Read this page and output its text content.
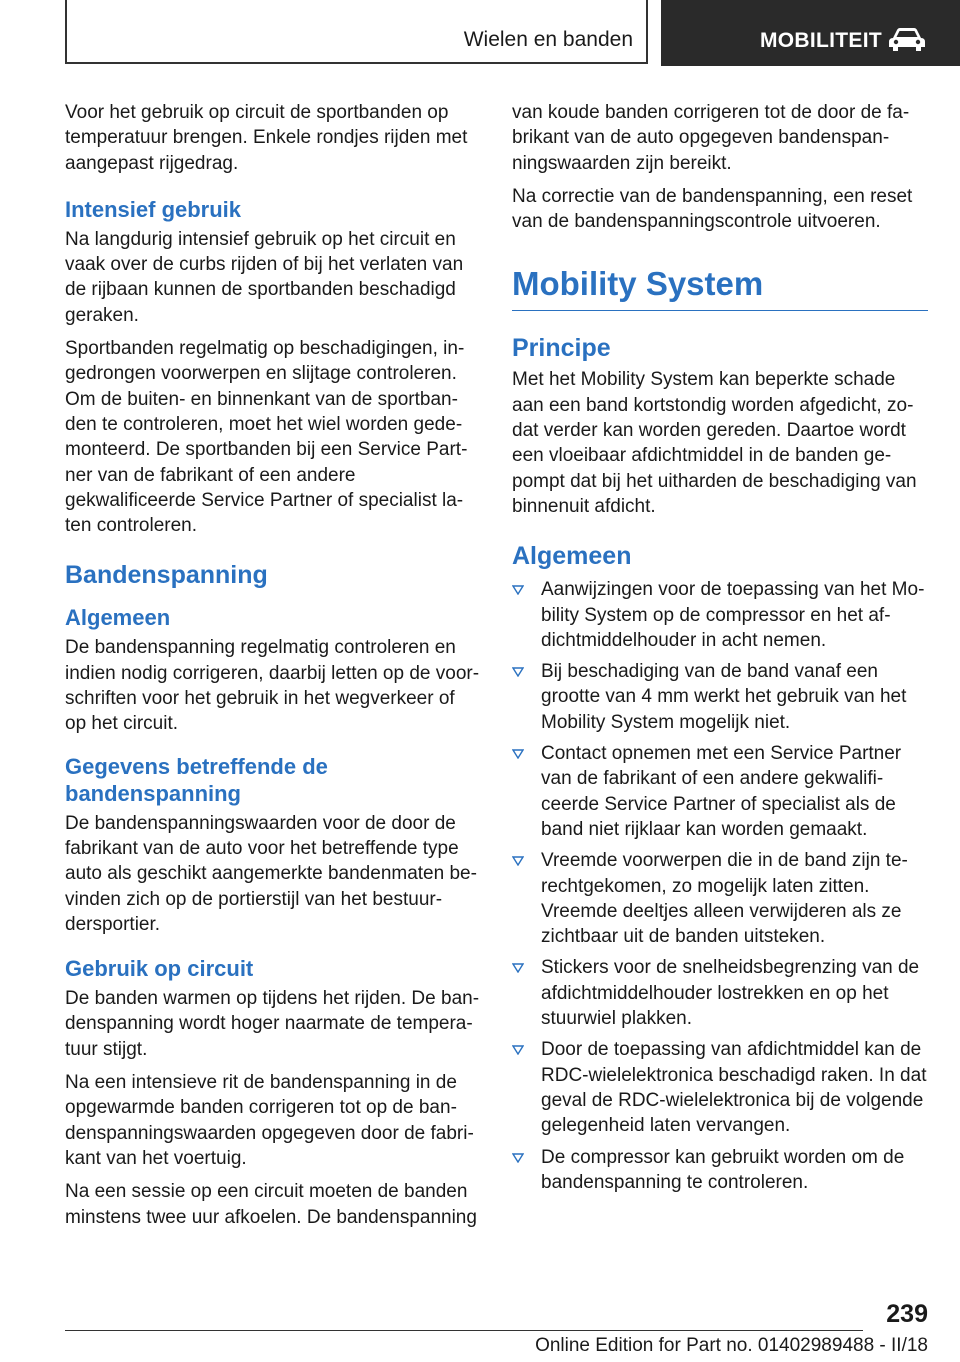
Wielen en banden	MOBILITEIT

Voor het gebruik op circuit de sportbanden op temperatuur brengen. Enkele rondjes rijden met aangepast rijgedrag.

Intensief gebruik

Na langdurig intensief gebruik op het circuit en vaak over de curbs rijden of bij het verlaten van de rijbaan kunnen de sportbanden beschadigd geraken.

Sportbanden regelmatig op beschadigingen, ingedrongen voorwerpen en slijtage controleren. Om de buiten- en binnenkant van de sportbanden te controleren, moet het wiel worden gedemonteerd. De sportbanden bij een Service Partner van de fabrikant of een andere gekwalificeerde Service Partner of specialist laten controleren.

Bandenspanning
Algemeen

De bandenspanning regelmatig controleren en indien nodig corrigeren, daarbij letten op de voorschriften voor het gebruik in het wegverkeer of op het circuit.

Gegevens betreffende de bandenspanning

De bandenspanningswaarden voor de door de fabrikant van de auto voor het betreffende type auto als geschikt aangemerkte bandenmaten bevinden zich op de portierstijl van het bestuurdersportier.

Gebruik op circuit

De banden warmen op tijdens het rijden. De bandenspanning wordt hoger naarmate de temperatuur stijgt.

Na een intensieve rit de bandenspanning in de opgewarmde banden corrigeren tot op de bandenspanningswaarden opgegeven door de fabrikant van het voertuig.

Na een sessie op een circuit moeten de banden minstens twee uur afkoelen. De bandenspanning

van koude banden corrigeren tot de door de fabrikant van de auto opgegeven bandenspanningswaarden zijn bereikt.

Na correctie van de bandenspanning, een reset van de bandenspanningscontrole uitvoeren.

Mobility System
Principe

Met het Mobility System kan beperkte schade aan een band kortstondig worden afgedicht, zodat verder kan worden gereden. Daartoe wordt een vloeibaar afdichtmiddel in de banden gepompt dat bij het uitharden de beschadiging van binnenuit afdicht.

Algemeen
Aanwijzingen voor de toepassing van het Mobility System op de compressor en het afdichtmiddelhouder in acht nemen.
Bij beschadiging van de band vanaf een grootte van 4 mm werkt het gebruik van het Mobility System mogelijk niet.
Contact opnemen met een Service Partner van de fabrikant of een andere gekwalificeerde Service Partner of specialist als de band niet rijklaar kan worden gemaakt.
Vreemde voorwerpen die in de band zijn terechtgekomen, zo mogelijk laten zitten. Vreemde deeltjes alleen verwijderen als ze zichtbaar uit de banden uitsteken.
Stickers voor de snelheidsbegrenzing van de afdichtmiddelhouder lostrekken en op het stuurwiel plakken.
Door de toepassing van afdichtmiddel kan de RDC-wielelektronica beschadigd raken. In dat geval de RDC-wielelektronica bij de volgende gelegenheid laten vervangen.
De compressor kan gebruikt worden om de bandenspanning te controleren.
239
Online Edition for Part no. 01402989488 - II/18
